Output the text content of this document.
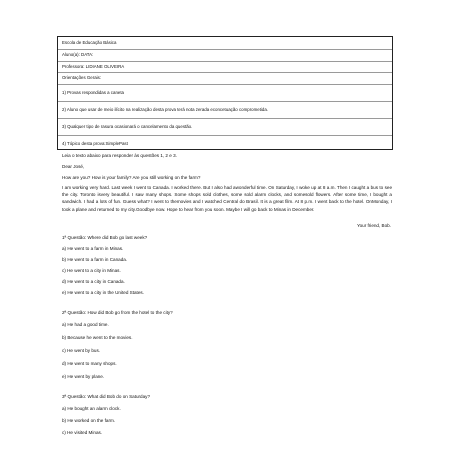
Escola de Educação Básica
Aluno(a): DATA:
Professora: LIDIANE OLIVEIRA
Orientações Gerais:
1) Provas respondidas a caneta
2) Aluno que usar de meio ilícito na realização desta prova terá nota zerada econcetuação comprometida.
3) Qualquer tipo de rasura ocasionará o cancelamento da questão.
4) Tópico desta prova:SimplePast
Leia o texto abaixo para responder às questões 1, 2 e 3.
Dear José,
How are you? How is your family? Are you still working on the farm?
I am working very hard. Last week I went to Canada. I worked there. But I also had awonderful time. On Saturday, I woke up at 8 a.m. Then I caught a bus to see the city. Toronto isvery beautiful. I saw many shops. Some shops sold clothes, some sold alarm clocks, and somesold flowers. After some time, I bought a sandwich. I had a lots of fun. Guess what? I went to themovies and I watched Central do Brasil. It is a great film. At 8 p.m. I went back to the hotel. OnMonday, I took a plane and returned to my city.Goodbye now. Hope to hear from you soon. Maybe I will go back to Minas in December.
Your friend, Bob.
1ª Questão: Where did Bob go last week?
a) He went to a farm in Minas.
b) He went to a farm in Canada.
c) He went to a city in Minas.
d) He went to a city in Canada.
e) He went to a city in the United States.
2ª Questão: How did Bob go from the hotel to the city?
a) He had a good time.
b) Because he went to the movies.
c) He went by bus.
d) He went to many shops.
e) He went by plane.
3ª Questão: What did Bob do on Saturday?
a) He bought an alarm clock.
b) He worked on the farm.
c) He visited Minas.
